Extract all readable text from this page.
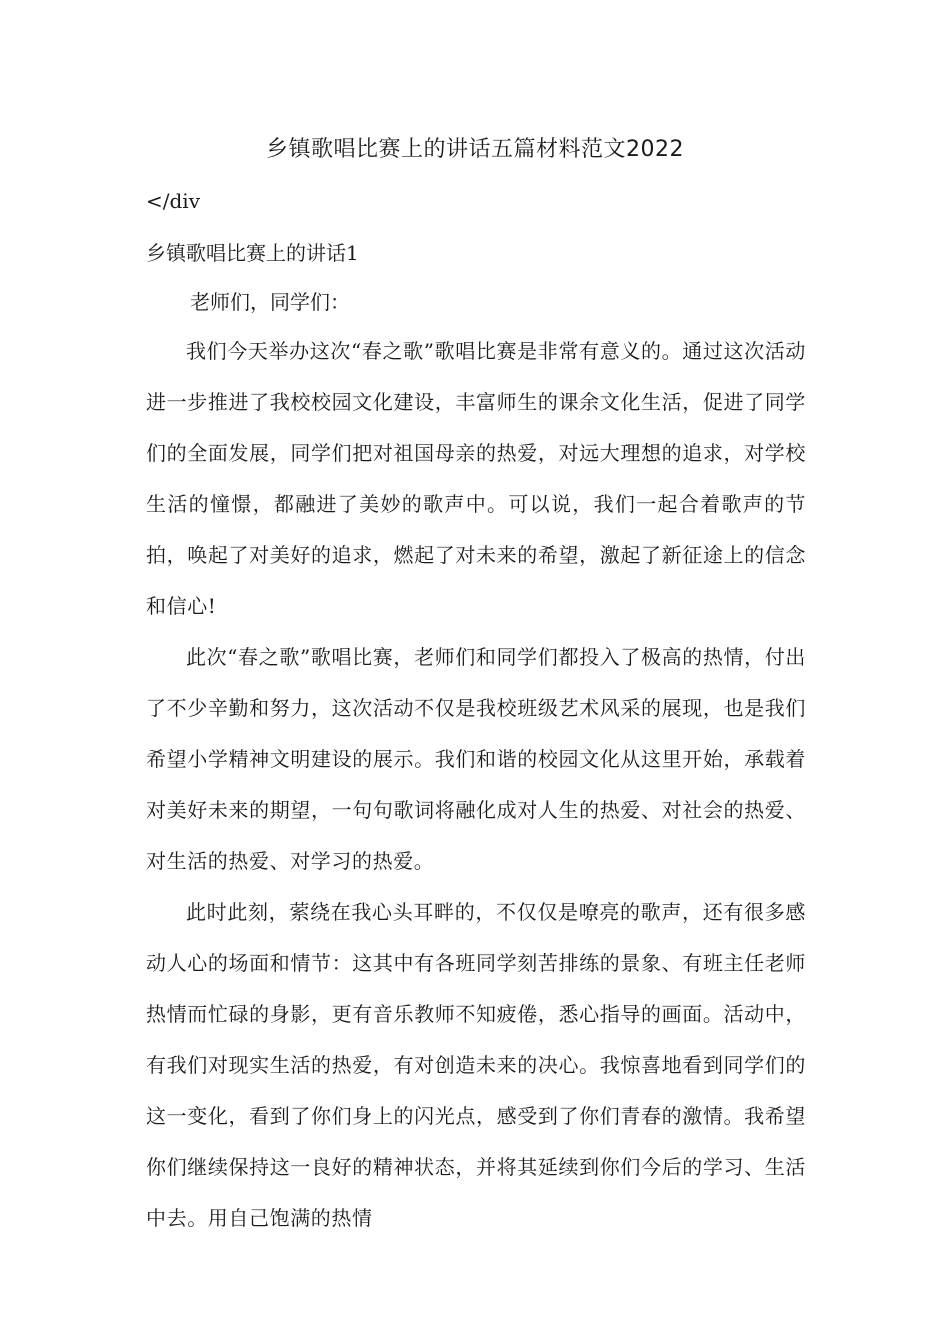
乡镇歌唱比赛上的讲话五篇材料范文2022
</div
乡镇歌唱比赛上的讲话1
老师们，同学们：

我们今天举办这次“春之歌”歌唱比赛是非常有意义的。通过这次活动进一步推进了我校校园文化建设，丰富师生的课余文化生活，促进了同学们的全面发展，同学们把对祖国母亲的热爱，对远大理想的追求，对学校生活的憧憬，都融进了美妙的歌声中。可以说，我们一起合着歌声的节拍，唤起了对美好的追求，燃起了对未来的希望，激起了新征途上的信念和信心!

此次“春之歌”歌唱比赛，老师们和同学们都投入了极高的热情，付出了不少辛勤和努力，这次活动不仅是我校班级艺术风采的展现，也是我们希望小学精神文明建设的展示。我们和谐的校园文化从这里开始，承载着对美好未来的期望，一句句歌词将融化成对人生的热爱、对社会的热爱、对生活的热爱、对学习的热爱。

此时此刻，萦绕在我心头耳畔的，不仅仅是嘹亮的歌声，还有很多感动人心的场面和情节：这其中有各班同学刻苦排练的景象、有班主任老师热情而忙碌的身影，更有音乐教师不知疲倦，悉心指导的画面。活动中，有我们对现实生活的热爱，有对创造未来的决心。我惊喜地看到同学们的这一变化，看到了你们身上的闪光点，感受到了你们青春的激情。我希望你们继续保持这一良好的精神状态，并将其延续到你们今后的学习、生活中去。用自己饱满的热情
